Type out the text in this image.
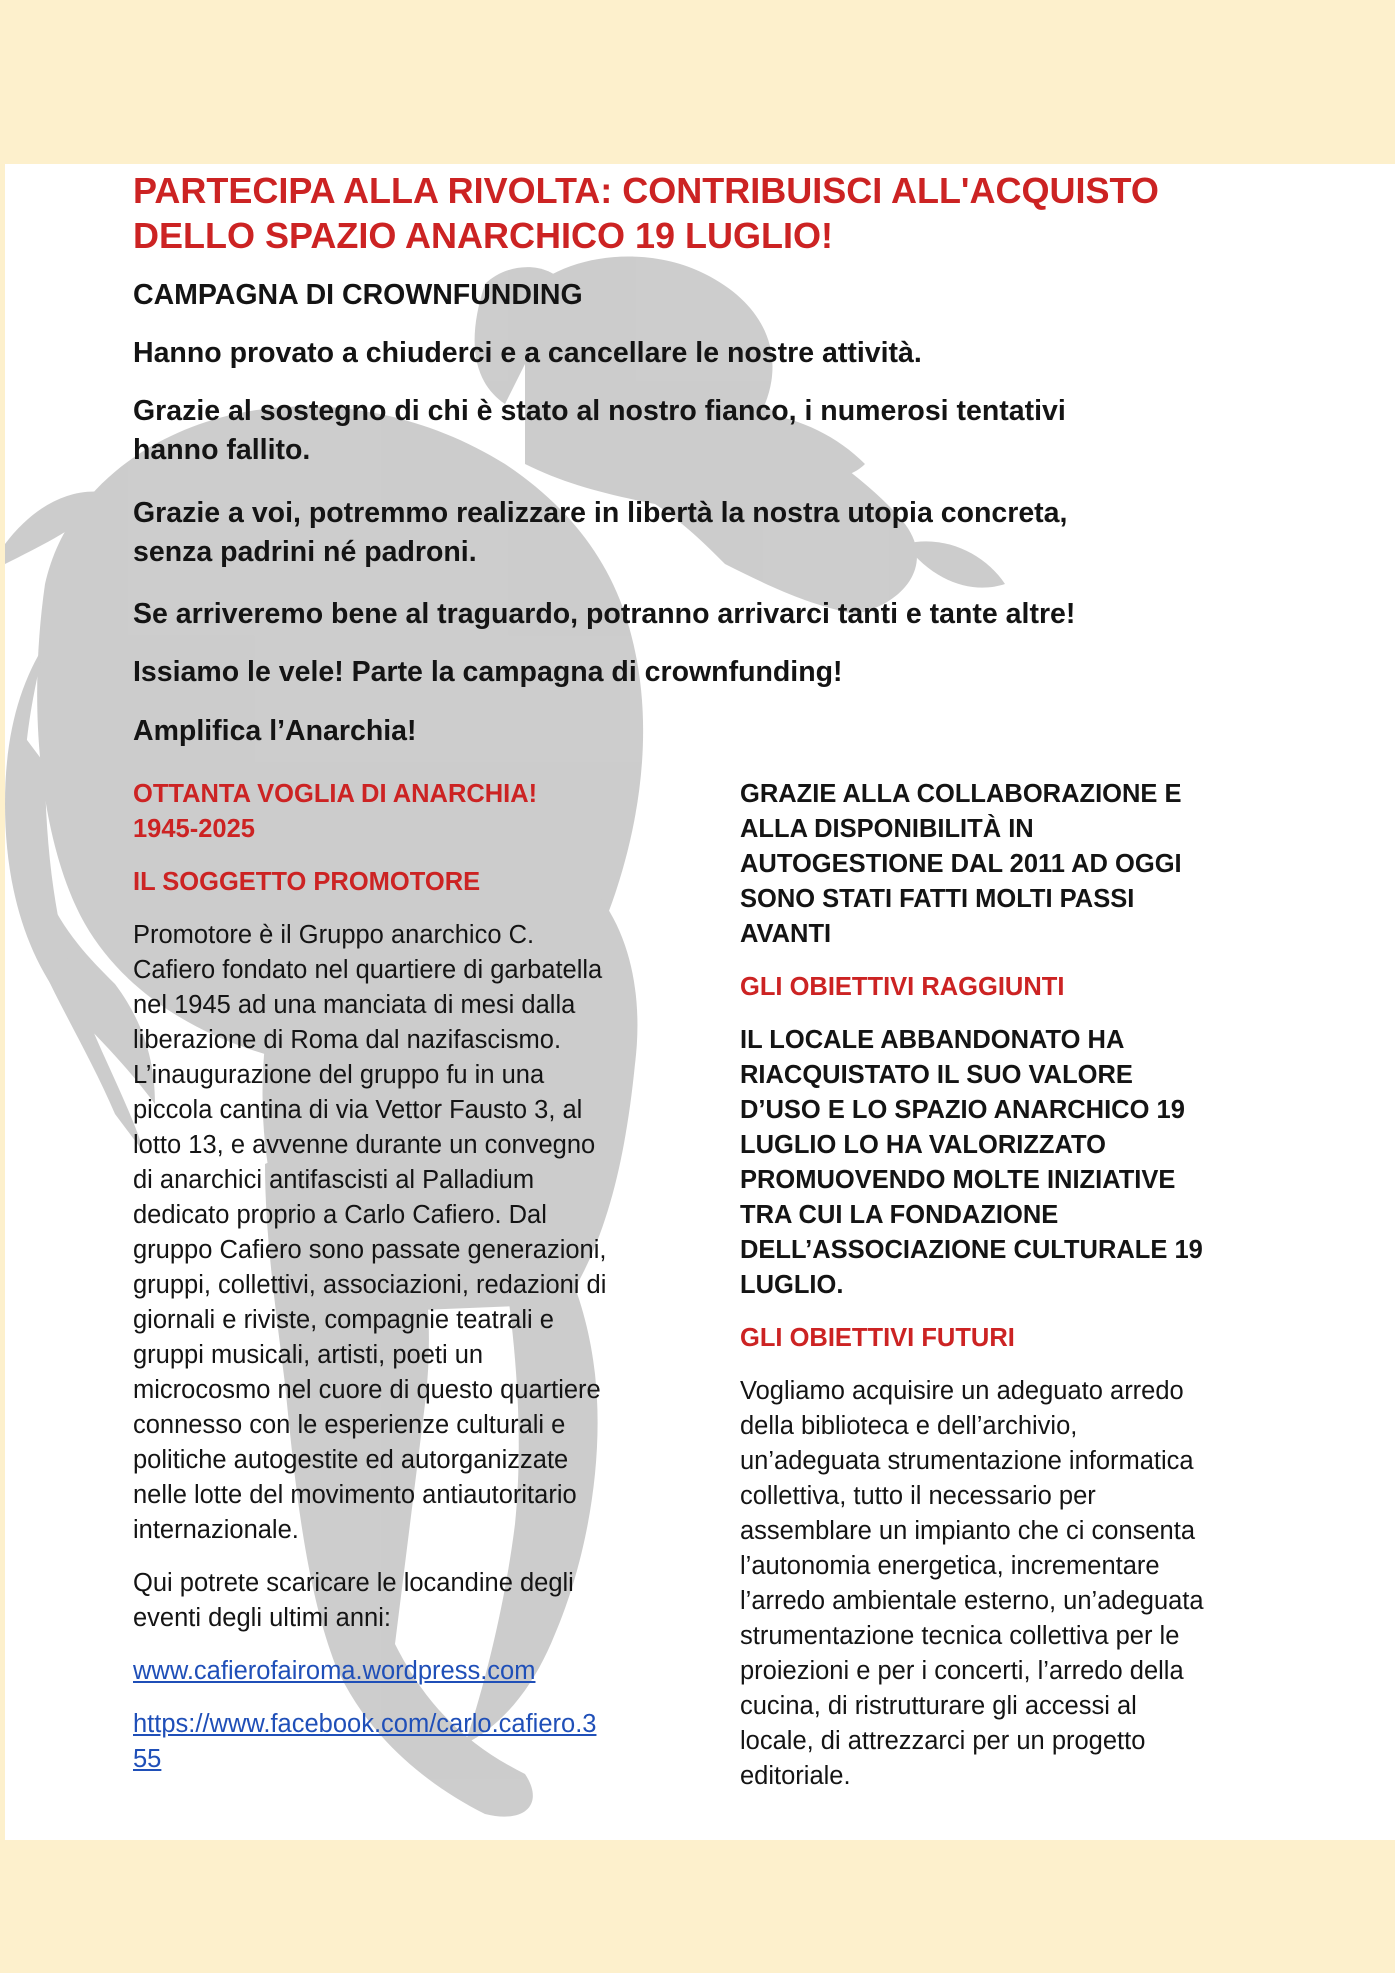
PARTECIPA ALLA RIVOLTA: CONTRIBUISCI ALL'ACQUISTO
DELLO SPAZIO ANARCHICO 19 LUGLIO!

CAMPAGNA DI CROWNFUNDING

Hanno provato a chiuderci e a cancellare le nostre attività.

Grazie al sostegno di chi è stato al nostro fianco, i numerosi tentativi
hanno fallito.

Grazie a voi, potremmo realizzare in libertà la nostra utopia concreta,
senza padrini né padroni.

Se arriveremo bene al traguardo, potranno arrivarci tanti e tante altre!

Issiamo le vele! Parte la campagna di crownfunding!

Amplifica l’Anarchia!

OTTANTA VOGLIA DI ANARCHIA!
1945-2025

IL SOGGETTO PROMOTORE

Promotore è il Gruppo anarchico C.
Cafiero fondato nel quartiere di garbatella
nel 1945 ad una manciata di mesi dalla
liberazione di Roma dal nazifascismo.
L’inaugurazione del gruppo fu in una
piccola cantina di via Vettor Fausto 3, al
lotto 13, e avvenne durante un convegno
di anarchici antifascisti al Palladium
dedicato proprio a Carlo Cafiero. Dal
gruppo Cafiero sono passate generazioni,
gruppi, collettivi, associazioni, redazioni di
giornali e riviste, compagnie teatrali e
gruppi musicali, artisti, poeti un
microcosmo nel cuore di questo quartiere
connesso con le esperienze culturali e
politiche autogestite ed autorganizzate
nelle lotte del movimento antiautoritario
internazionale.

Qui potrete scaricare le locandine degli
eventi degli ultimi anni:

www.cafierofairoma.wordpress.com

https://www.facebook.com/carlo.cafiero.3
55

GRAZIE ALLA COLLABORAZIONE E
ALLA DISPONIBILITÀ IN
AUTOGESTIONE DAL 2011 AD OGGI
SONO STATI FATTI MOLTI PASSI
AVANTI

GLI OBIETTIVI RAGGIUNTI

IL LOCALE ABBANDONATO HA
RIACQUISTATO IL SUO VALORE
D’USO E LO SPAZIO ANARCHICO 19
LUGLIO LO HA VALORIZZATO
PROMUOVENDO MOLTE INIZIATIVE
TRA CUI LA FONDAZIONE
DELL’ASSOCIAZIONE CULTURALE 19
LUGLIO.

GLI OBIETTIVI FUTURI

Vogliamo acquisire un adeguato arredo
della biblioteca e dell’archivio,
un’adeguata strumentazione informatica
collettiva, tutto il necessario per
assemblare un impianto che ci consenta
l’autonomia energetica, incrementare
l’arredo ambientale esterno, un’adeguata
strumentazione tecnica collettiva per le
proiezioni e per i concerti, l’arredo della
cucina, di ristrutturare gli accessi al
locale, di attrezzarci per un progetto
editoriale.
